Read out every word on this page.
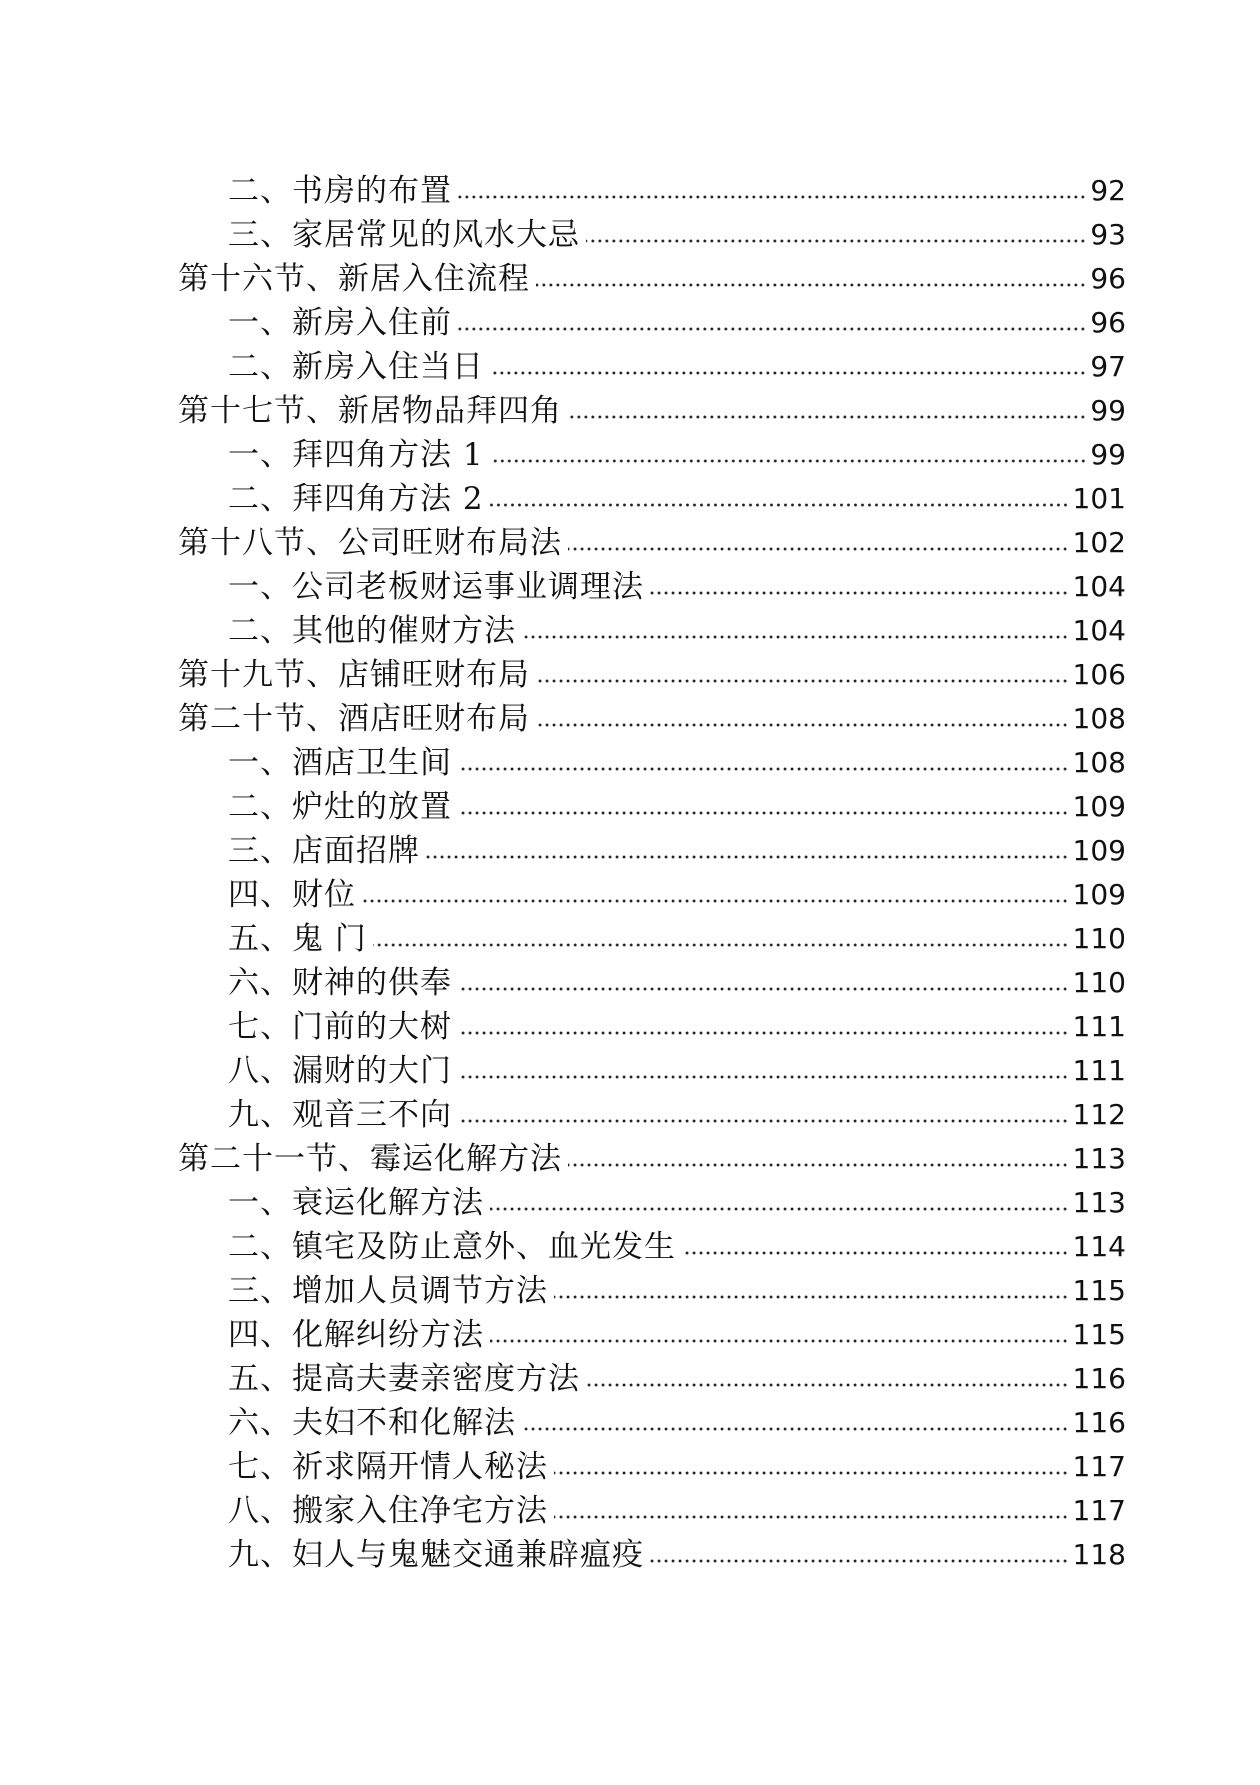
二、书房的布置	92
三、家居常见的风水大忌	93
第十六节、新居入住流程	96
一、新房入住前	96
二、新房入住当日	97
第十七节、新居物品拜四角	99
一、拜四角方法 1	99
二、拜四角方法 2	101
第十八节、公司旺财布局法	102
一、公司老板财运事业调理法	104
二、其他的催财方法	104
第十九节、店铺旺财布局	106
第二十节、酒店旺财布局	108
一、酒店卫生间	108
二、炉灶的放置	109
三、店面招牌	109
四、财位	109
五、鬼 门	110
六、财神的供奉	110
七、门前的大树	111
八、漏财的大门	111
九、观音三不向	112
第二十一节、霉运化解方法	113
一、衰运化解方法	113
二、镇宅及防止意外、血光发生	114
三、增加人员调节方法	115
四、化解纠纷方法	115
五、提高夫妻亲密度方法	116
六、夫妇不和化解法	116
七、祈求隔开情人秘法	117
八、搬家入住净宅方法	117
九、妇人与鬼魅交通兼辟瘟疫	118
